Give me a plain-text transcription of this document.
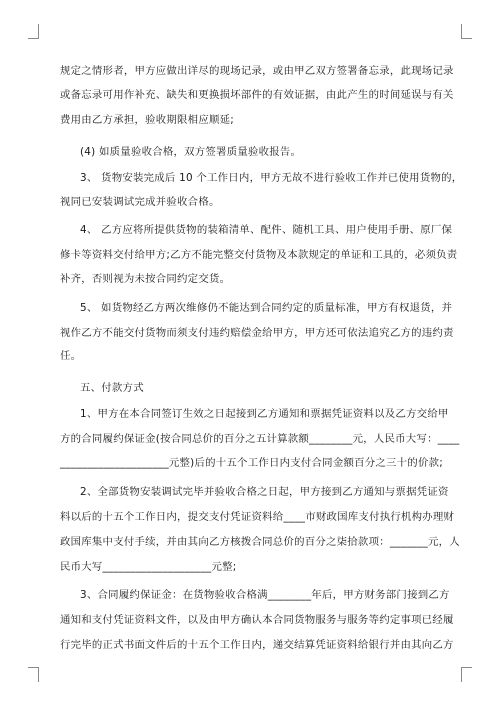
规定之情形者，甲方应做出详尽的现场记录，或由甲乙双方签署备忘录，此现场记录
或备忘录可用作补充、缺失和更换损坏部件的有效证据，由此产生的时间延误与有关
费用由乙方承担，验收期限相应顺延;
(4) 如质量验收合格，双方签署质量验收报告。
3、 货物安装完成后 10 个工作日内，甲方无故不进行验收工作并已使用货物的，
视同已安装调试完成并验收合格。
4、 乙方应将所提供货物的装箱清单、配件、随机工具、用户使用手册、原厂保
修卡等资料交付给甲方;乙方不能完整交付货物及本款规定的单证和工具的，必须负责
补齐，否则视为未按合同约定交货。
5、 如货物经乙方两次维修仍不能达到合同约定的质量标准，甲方有权退货，并
视作乙方不能交付货物而须支付违约赔偿金给甲方，甲方还可依法追究乙方的违约责
任。
五、付款方式
1、甲方在本合同签订生效之日起接到乙方通知和票据凭证资料以及乙方交给甲
方的合同履约保证金(按合同总价的百分之五计算款额________元，人民币大写：____
____________________元整)后的十五个工作日内支付合同金额百分之三十的价款;
2、全部货物安装调试完毕并验收合格之日起，甲方接到乙方通知与票据凭证资
料以后的十五个工作日内，提交支付凭证资料给____市财政国库支付执行机构办理财
政国库集中支付手续，并由其向乙方核拨合同总价的百分之柒拾款项：_______元，人
民币大写____________________元整;
3、合同履约保证金：在货物验收合格满________年后，甲方财务部门接到乙方
通知和支付凭证资料文件，以及由甲方确认本合同货物服务与服务等约定事项已经履
行完毕的正式书面文件后的十五个工作日内，递交结算凭证资料给银行并由其向乙方
